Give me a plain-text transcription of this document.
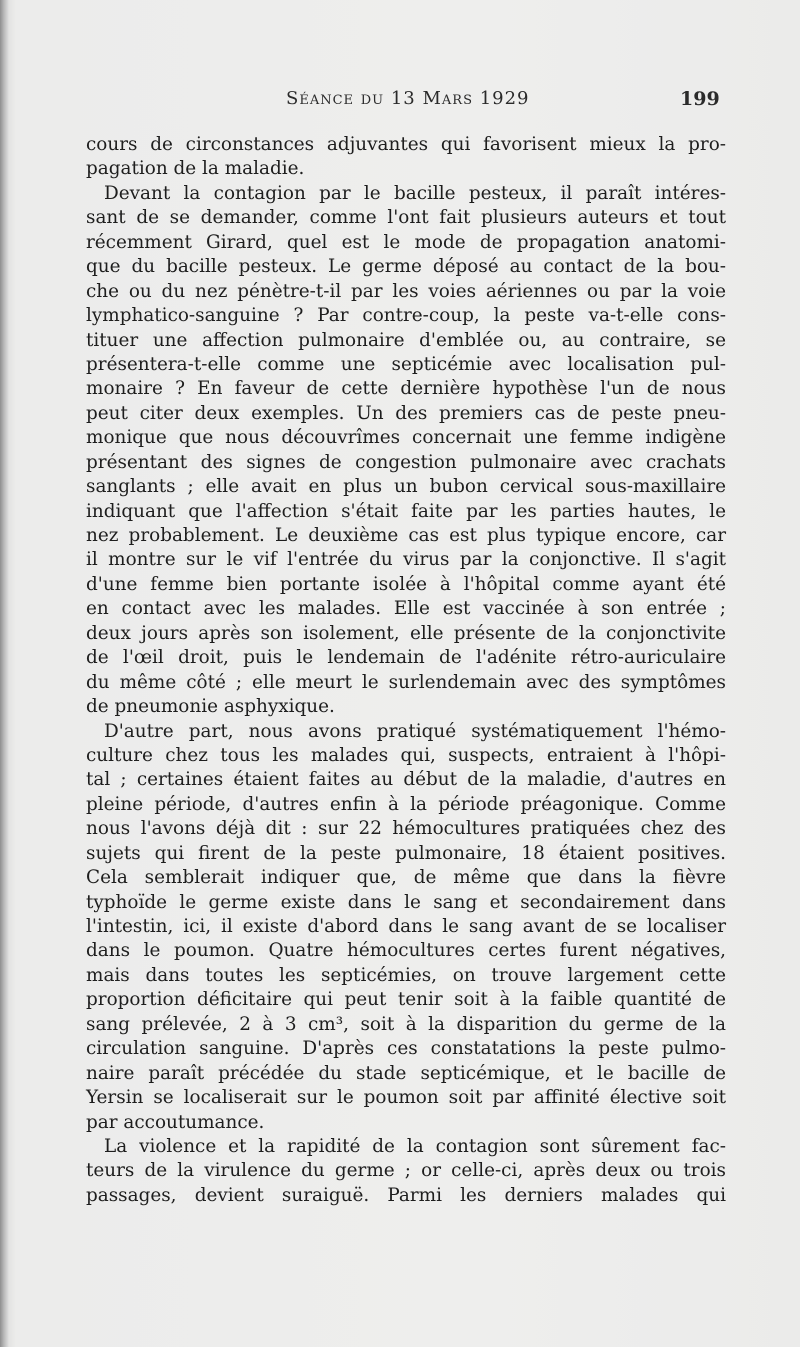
Séance du 13 Mars 1929	199
cours de circonstances adjuvantes qui favorisent mieux la pro-
pagation de la maladie.
Devant la contagion par le bacille pesteux, il paraît intéres-
sant de se demander, comme l'ont fait plusieurs auteurs et tout
récemment Girard, quel est le mode de propagation anatomi-
que du bacille pesteux. Le germe déposé au contact de la bou-
che ou du nez pénètre-t-il par les voies aériennes ou par la voie
lymphatico-sanguine ? Par contre-coup, la peste va-t-elle cons-
tituer une affection pulmonaire d'emblée ou, au contraire, se
présentera-t-elle comme une septicémie avec localisation pul-
monaire ? En faveur de cette dernière hypothèse l'un de nous
peut citer deux exemples. Un des premiers cas de peste pneu-
monique que nous découvrîmes concernait une femme indigène
présentant des signes de congestion pulmonaire avec crachats
sanglants ; elle avait en plus un bubon cervical sous-maxillaire
indiquant que l'affection s'était faite par les parties hautes, le
nez probablement. Le deuxième cas est plus typique encore, car
il montre sur le vif l'entrée du virus par la conjonctive. Il s'agit
d'une femme bien portante isolée à l'hôpital comme ayant été
en contact avec les malades. Elle est vaccinée à son entrée ;
deux jours après son isolement, elle présente de la conjonctivite
de l'œil droit, puis le lendemain de l'adénite rétro-auriculaire
du même côté ; elle meurt le surlendemain avec des symptômes
de pneumonie asphyxique.
D'autre part, nous avons pratiqué systématiquement l'hémo-
culture chez tous les malades qui, suspects, entraient à l'hôpi-
tal ; certaines étaient faites au début de la maladie, d'autres en
pleine période, d'autres enfin à la période préagonique. Comme
nous l'avons déjà dit : sur 22 hémocultures pratiquées chez des
sujets qui firent de la peste pulmonaire, 18 étaient positives.
Cela semblerait indiquer que, de même que dans la fièvre
typhoïde le germe existe dans le sang et secondairement dans
l'intestin, ici, il existe d'abord dans le sang avant de se localiser
dans le poumon. Quatre hémocultures certes furent négatives,
mais dans toutes les septicémies, on trouve largement cette
proportion déficitaire qui peut tenir soit à la faible quantité de
sang prélevée, 2 à 3 cm³, soit à la disparition du germe de la
circulation sanguine. D'après ces constatations la peste pulmo-
naire paraît précédée du stade septicémique, et le bacille de
Yersin se localiserait sur le poumon soit par affinité élective soit
par accoutumance.
La violence et la rapidité de la contagion sont sûrement fac-
teurs de la virulence du germe ; or celle-ci, après deux ou trois
passages, devient suraiguë. Parmi les derniers malades qui
